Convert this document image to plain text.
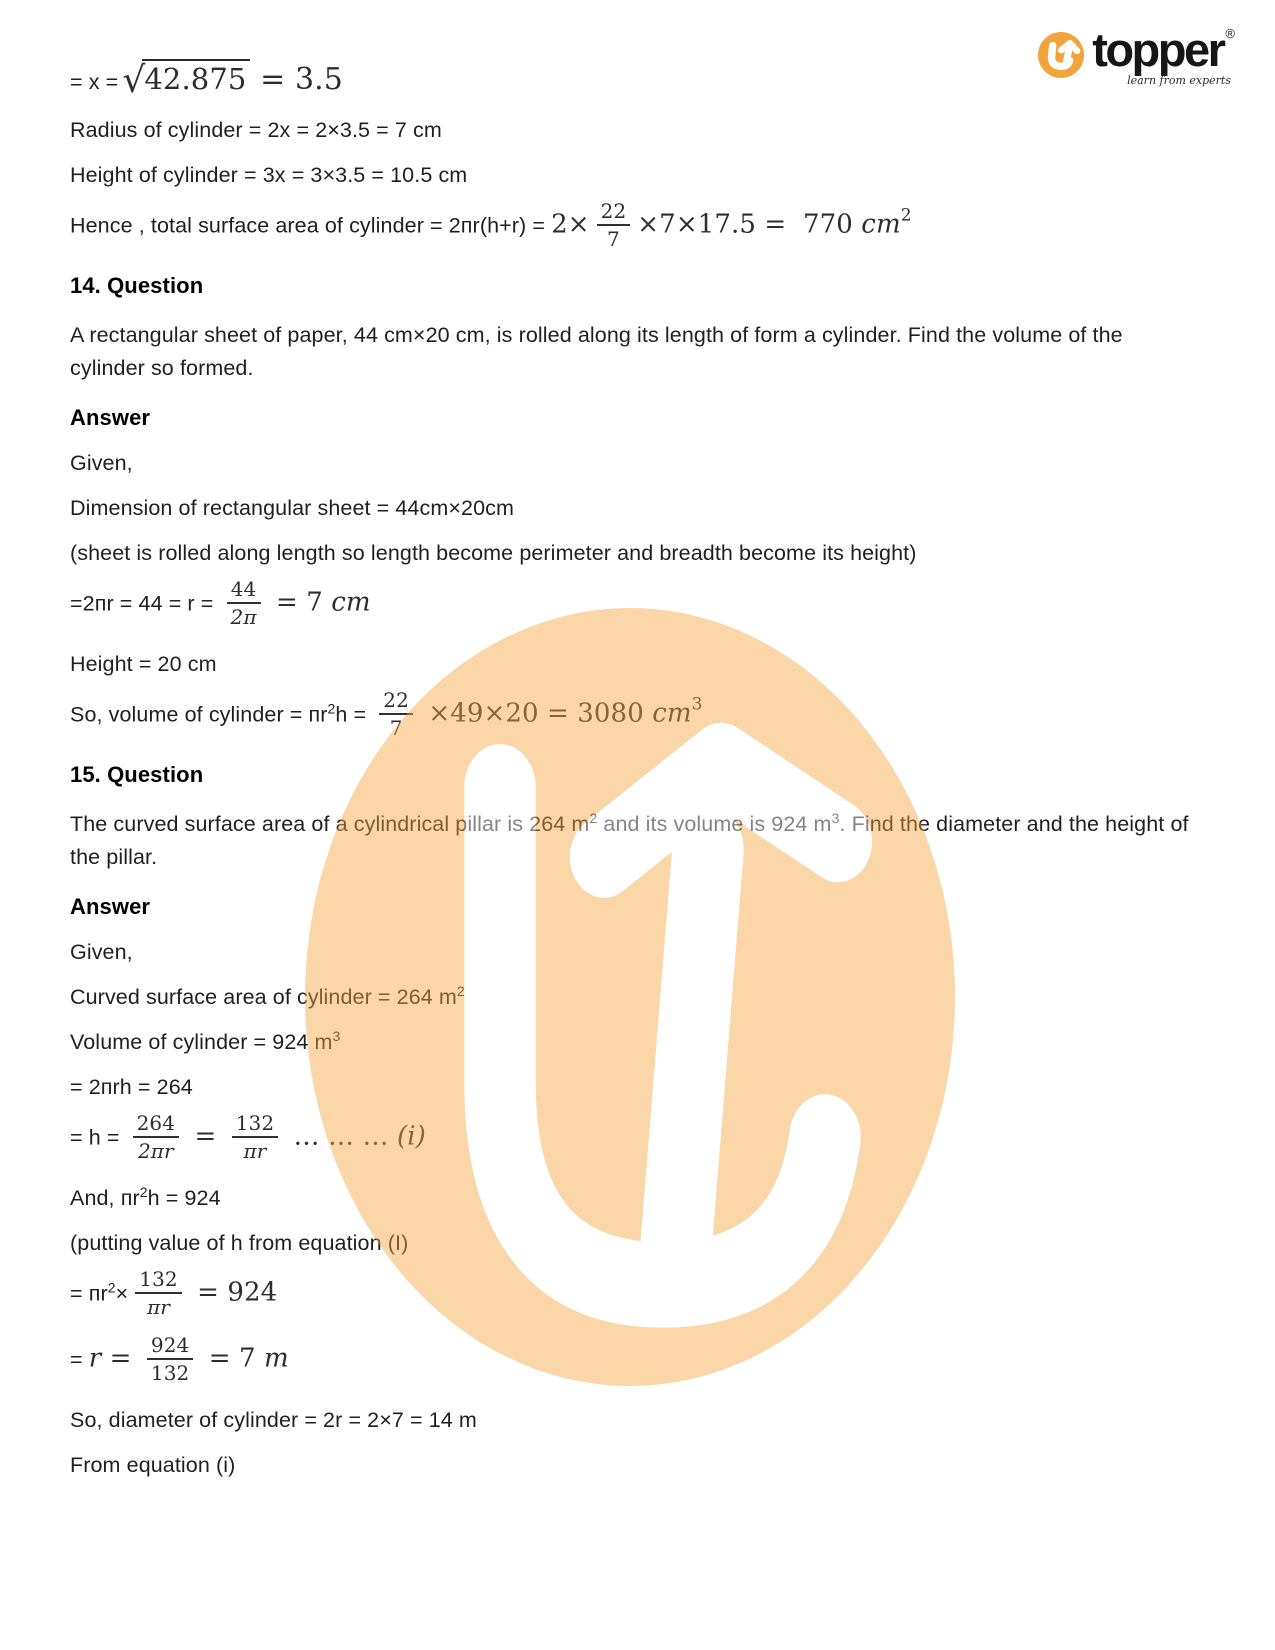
= x = √42.875 = 3.5
Radius of cylinder = 2x = 2×3.5 = 7 cm
Height of cylinder = 3x = 3×3.5 = 10.5 cm
Hence , total surface area of cylinder = $2пr(h+r) = 2\times \frac{22}{7} \times 7\times 17.5 = 770$ $cm^2$
14. Question
A rectangular sheet of paper, 44 cm×20 cm, is rolled along its length of form a cylinder. Find the volume of the cylinder so formed.
Answer
Given,
Dimension of rectangular sheet = 44cm×20cm
(sheet is rolled along length so length become perimeter and breadth become its height)
$=2пr = 44 = r = \frac{44}{2\pi} = 7$ cm
Height = 20 cm
So, volume of cylinder = $пr^2h = \frac{22}{7} \times 49\times 20 = 3080$ $cm^3$
15. Question
The curved surface area of a cylindrical pillar is 264 $m^2$ and its volume is 924 $m^3$. Find the diameter and the height of the pillar.
Answer
Given,
Curved surface area of cylinder = 264 $m^2$
Volume of cylinder = 924 $m^3$
= 2пrh = 264
= $h = \frac{264}{2\pi r} = \frac{132}{\pi r}$ … … … (i)
And, $пr^2h = 924$
(putting value of h from equation (I)
= $пr^2\times \frac{132}{\pi r} = 924$
= $r = \frac{924}{132} = 7$ m
So, diameter of cylinder = 2r = 2×7 = 14 m
From equation (i)
topper ®
learn from experts
